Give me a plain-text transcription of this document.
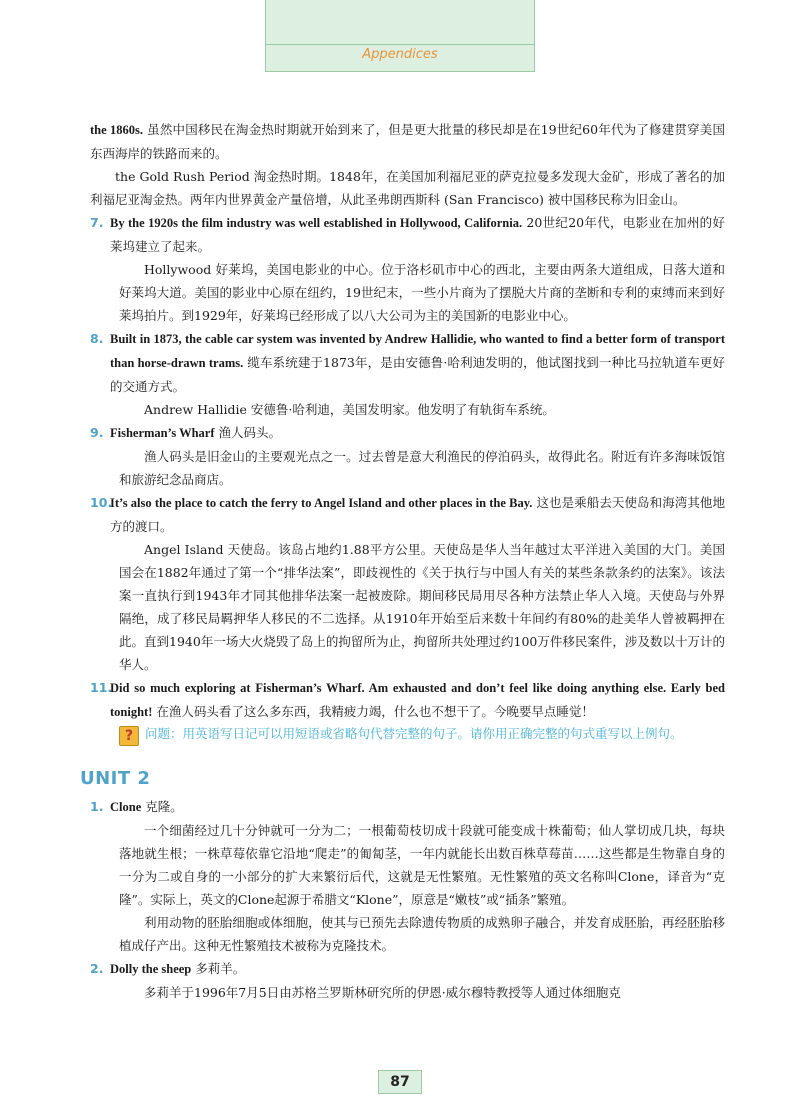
Appendices

the 1860s. 虽然中国移民在淘金热时期就开始到来了，但是更大批量的移民却是在19世纪60年代为了修建贯穿美国东西海岸的铁路而来的。

the Gold Rush Period 淘金热时期。1848年，在美国加利福尼亚的萨克拉曼多发现大金矿，形成了著名的加利福尼亚淘金热。两年内世界黄金产量倍增，从此圣弗朗西斯科 (San Francisco) 被中国移民称为旧金山。

7. By the 1920s the film industry was well established in Hollywood, California. 20世纪20年代，电影业在加州的好莱坞建立了起来。

Hollywood 好莱坞，美国电影业的中心。位于洛杉矶市中心的西北，主要由两条大道组成，日落大道和好莱坞大道。美国的影业中心原在纽约，19世纪末，一些小片商为了摆脱大片商的垄断和专利的束缚而来到好莱坞拍片。到1929年，好莱坞已经形成了以八大公司为主的美国新的电影业中心。

8. Built in 1873, the cable car system was invented by Andrew Hallidie, who wanted to find a better form of transport than horse-drawn trams. 缆车系统建于1873年，是由安德鲁·哈利迪发明的，他试图找到一种比马拉轨道车更好的交通方式。

Andrew Hallidie 安德鲁·哈利迪，美国发明家。他发明了有轨街车系统。

9. Fisherman’s Wharf 渔人码头。

渔人码头是旧金山的主要观光点之一。过去曾是意大利渔民的停泊码头，故得此名。附近有许多海味饭馆和旅游纪念品商店。

10.
It’s also the place to catch the ferry to Angel Island and other places in the Bay. 这也是乘船去天使岛和海湾其他地方的渡口。

Angel Island 天使岛。该岛占地约1.88平方公里。天使岛是华人当年越过太平洋进入美国的大门。美国国会在1882年通过了第一个“排华法案”，即歧视性的《关于执行与中国人有关的某些条款条约的法案》。该法案一直执行到1943年才同其他排华法案一起被废除。期间移民局用尽各种方法禁止华人入境。天使岛与外界隔绝，成了移民局羁押华人移民的不二选择。从1910年开始至后来数十年间约有80%的赴美华人曾被羁押在此。直到1940年一场大火烧毁了岛上的拘留所为止，拘留所共处理过约100万件移民案件，涉及数以十万计的华人。

11.
Did so much exploring at Fisherman’s Wharf. Am exhausted and don’t feel like doing anything else. Early bed tonight! 在渔人码头看了这么多东西，我精疲力竭，什么也不想干了。今晚要早点睡觉！
? 问题：用英语写日记可以用短语或省略句代替完整的句子。请你用正确完整的句式重写以上例句。
UNIT 2
1. Clone 克隆。

一个细菌经过几十分钟就可一分为二；一根葡萄枝切成十段就可能变成十株葡萄；仙人掌切成几块，每块落地就生根；一株草莓依靠它沿地“爬走”的匍匐茎，一年内就能长出数百株草莓苗……这些都是生物靠自身的一分为二或自身的一小部分的扩大来繁衍后代，这就是无性繁殖。无性繁殖的英文名称叫Clone，译音为“克隆”。实际上，英文的Clone起源于希腊文“Klone”，原意是“嫩枝”或“插条”繁殖。

利用动物的胚胎细胞或体细胞，使其与已预先去除遗传物质的成熟卵子融合，并发育成胚胎，再经胚胎移植成仔产出。这种无性繁殖技术被称为克隆技术。

2. Dolly the sheep 多莉羊。

多莉羊于1996年7月5日由苏格兰罗斯林研究所的伊恩·威尔穆特教授等人通过体细胞克

87
